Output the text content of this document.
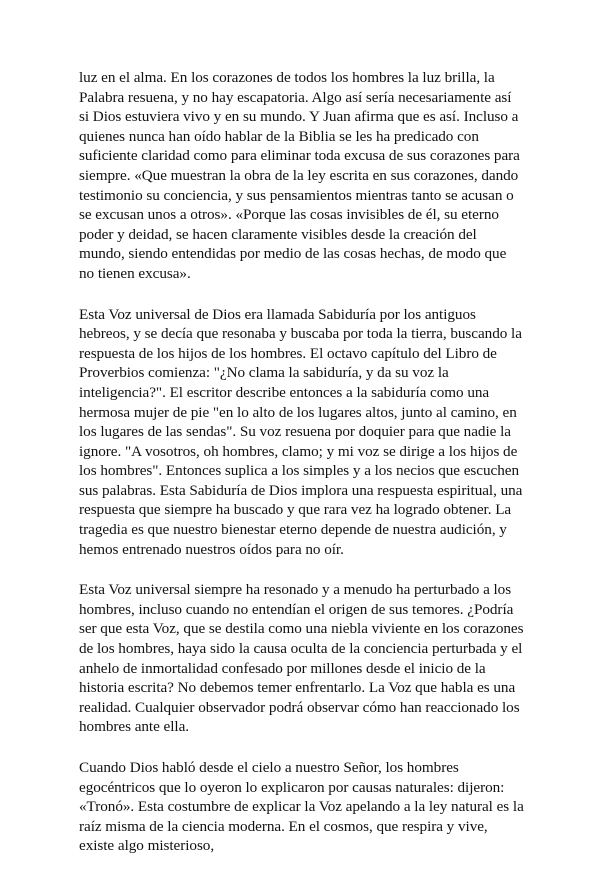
luz en el alma. En los corazones de todos los hombres la luz brilla, la Palabra resuena, y no hay escapatoria. Algo así sería necesariamente así si Dios estuviera vivo y en su mundo. Y Juan afirma que es así. Incluso a quienes nunca han oído hablar de la Biblia se les ha predicado con suficiente claridad como para eliminar toda excusa de sus corazones para siempre. «Que muestran la obra de la ley escrita en sus corazones, dando testimonio su conciencia, y sus pensamientos mientras tanto se acusan o se excusan unos a otros». «Porque las cosas invisibles de él, su eterno poder y deidad, se hacen claramente visibles desde la creación del mundo, siendo entendidas por medio de las cosas hechas, de modo que no tienen excusa».

Esta Voz universal de Dios era llamada Sabiduría por los antiguos hebreos, y se decía que resonaba y buscaba por toda la tierra, buscando la respuesta de los hijos de los hombres. El octavo capítulo del Libro de Proverbios comienza: "¿No clama la sabiduría, y da su voz la inteligencia?". El escritor describe entonces a la sabiduría como una hermosa mujer de pie "en lo alto de los lugares altos, junto al camino, en los lugares de las sendas". Su voz resuena por doquier para que nadie la ignore. "A vosotros, oh hombres, clamo; y mi voz se dirige a los hijos de los hombres". Entonces suplica a los simples y a los necios que escuchen sus palabras. Esta Sabiduría de Dios implora una respuesta espiritual, una respuesta que siempre ha buscado y que rara vez ha logrado obtener. La tragedia es que nuestro bienestar eterno depende de nuestra audición, y hemos entrenado nuestros oídos para no oír.

Esta Voz universal siempre ha resonado y a menudo ha perturbado a los hombres, incluso cuando no entendían el origen de sus temores. ¿Podría ser que esta Voz, que se destila como una niebla viviente en los corazones de los hombres, haya sido la causa oculta de la conciencia perturbada y el anhelo de inmortalidad confesado por millones desde el inicio de la historia escrita? No debemos temer enfrentarlo. La Voz que habla es una realidad. Cualquier observador podrá observar cómo han reaccionado los hombres ante ella.

Cuando Dios habló desde el cielo a nuestro Señor, los hombres egocéntricos que lo oyeron lo explicaron por causas naturales: dijeron: «Tronó». Esta costumbre de explicar la Voz apelando a la ley natural es la raíz misma de la ciencia moderna. En el cosmos, que respira y vive, existe algo misterioso,
